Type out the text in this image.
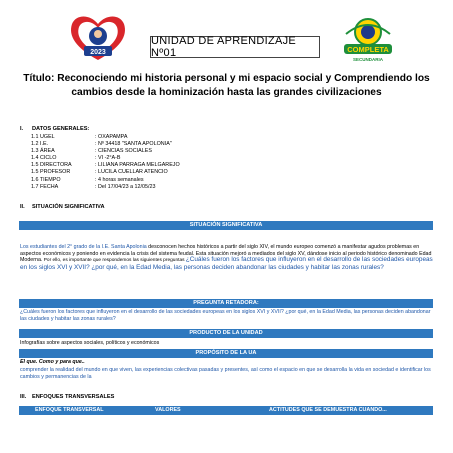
2023
UNIDAD DE APRENDIZAJE Nº01	COMPLETA
SECUNDARIA
Título: Reconociendo mi historia personal y mi espacio social y Comprendiendo los cambios desde la hominización hasta las grandes civilizaciones
I. DATOS GENERALES:
1.1 UGEL	: OXAPAMPA
1.2 I.E.	: Nº 34418 "SANTA APOLONIA"
1.3 ÁREA	: CIENCIAS SOCIALES
1.4 CICLO	: VI -2°A-B
1.5 DIRECTORA	: LILIANA PARRAGA MELGAREJO
1.5 PROFESOR	: LUCILA CUELLAR ATENCIO
1.6 TIEMPO	: 4 horas semanales
1.7 FECHA	: Del 17/04/23 a 12/05/23
II. SITUACIÓN SIGNIFICATIVA
SITUACIÓN SIGNIFICATIVA
Los estudiantes del 2° grado de la I.E. Santa Apolonia desconocen hechos históricos a partir del siglo XIV, el mundo europeo comenzó a manifestar agudos problemas en aspectos económicos y poniendo en evidencia la crisis del sistema feudal. Esta situación mejoró a mediados del siglo XV, dándose inicio al periodo histórico denominado Edad Moderna. Por ello, es importante que respondemos las siguientes preguntas ¿Cuáles fueron los factores que influyeron en el desarrollo de las sociedades europeas en los siglos XVI y XVII? ¿por qué, en la Edad Media, las personas deciden abandonar las ciudades y habitar las zonas rurales?
PREGUNTA RETADORA:
¿Cuáles fueron los factores que influyeron en el desarrollo de las sociedades europeas en los siglos XVI y XVII? ¿por qué, en la Edad Media, las personas deciden abandonar las ciudades y habitar las zonas rurales?
PRODUCTO DE LA UNIDAD
Infografías sobre aspectos sociales, políticos y económicos
PROPÓSITO DE LA UA
El que. Como y para que..
comprender la realidad del mundo en que viven, las experiencias colectivas pasadas y presentes, así como el espacio en que se desarrolla la vida en sociedad e identificar los cambios y permanencias de la
III. ENFOQUES TRANSVERSALES
ENFOQUE TRANSVERSAL	VALORES	ACTITUDES QUE SE DEMUESTRA CUANDO...
